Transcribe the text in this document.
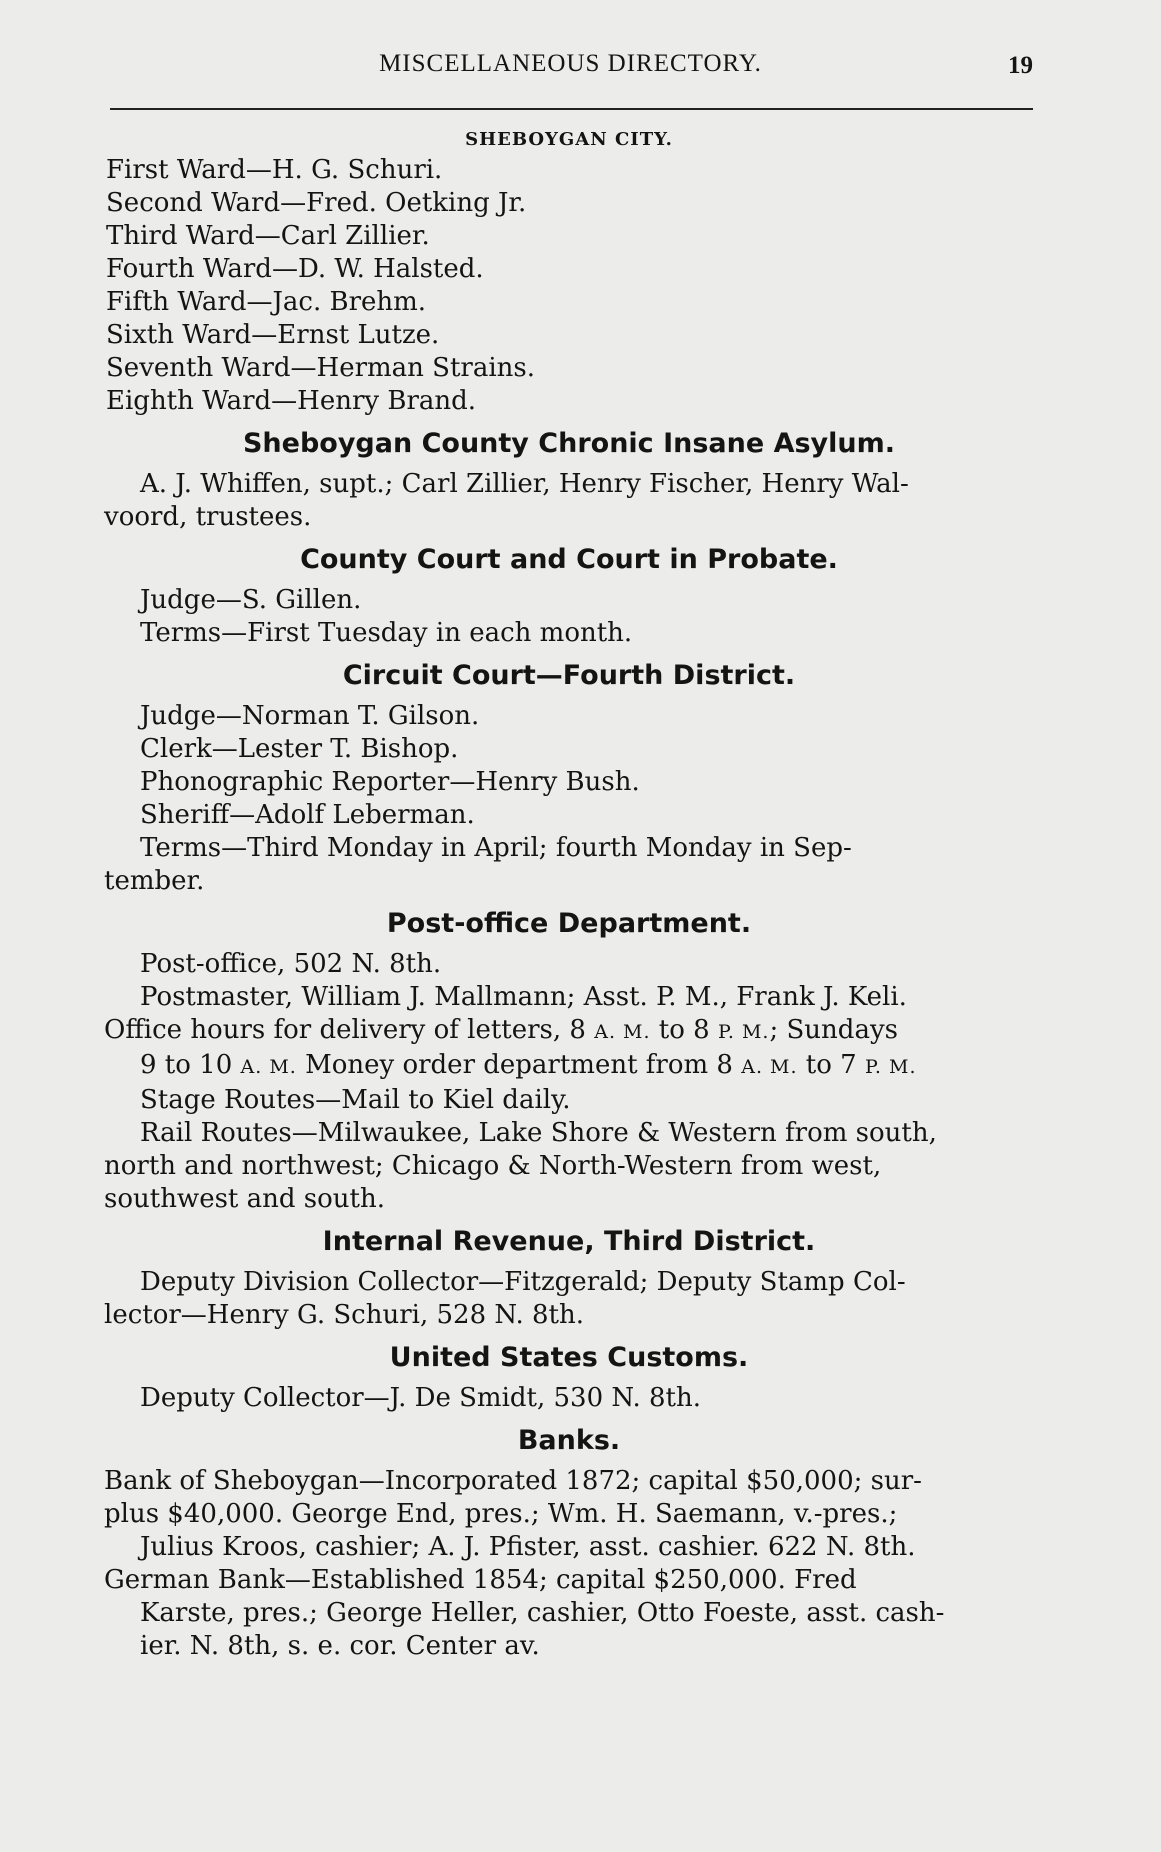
MISCELLANEOUS DIRECTORY.	19
SHEBOYGAN CITY.
First Ward—H. G. Schuri.
Second Ward—Fred. Oetking Jr.
Third Ward—Carl Zillier.
Fourth Ward—D. W. Halsted.
Fifth Ward—Jac. Brehm.
Sixth Ward—Ernst Lutze.
Seventh Ward—Herman Strains.
Eighth Ward—Henry Brand.
Sheboygan County Chronic Insane Asylum.
A. J. Whiffen, supt.; Carl Zillier, Henry Fischer, Henry Wal-
voord, trustees.
County Court and Court in Probate.
Judge—S. Gillen.
Terms—First Tuesday in each month.
Circuit Court—Fourth District.
Judge—Norman T. Gilson.
Clerk—Lester T. Bishop.
Phonographic Reporter—Henry Bush.
Sheriff—Adolf Leberman.
Terms—Third Monday in April; fourth Monday in Sep-
tember.
Post-office Department.
Post-office, 502 N. 8th.
Postmaster, William J. Mallmann; Asst. P. M., Frank J. Keli.
Office hours for delivery of letters, 8 A. M. to 8 P. M.; Sundays
9 to 10 A. M. Money order department from 8 A. M. to 7 P. M.
Stage Routes—Mail to Kiel daily.
Rail Routes—Milwaukee, Lake Shore & Western from south,
north and northwest; Chicago & North-Western from west,
southwest and south.
Internal Revenue, Third District.
Deputy Division Collector—Fitzgerald; Deputy Stamp Col-
lector—Henry G. Schuri, 528 N. 8th.
United States Customs.
Deputy Collector—J. De Smidt, 530 N. 8th.
Banks.
Bank of Sheboygan—Incorporated 1872; capital $50,000; sur-
plus $40,000. George End, pres.; Wm. H. Saemann, v.-pres.;
Julius Kroos, cashier; A. J. Pfister, asst. cashier. 622 N. 8th.
German Bank—Established 1854; capital $250,000. Fred
Karste, pres.; George Heller, cashier, Otto Foeste, asst. cash-
ier. N. 8th, s. e. cor. Center av.
